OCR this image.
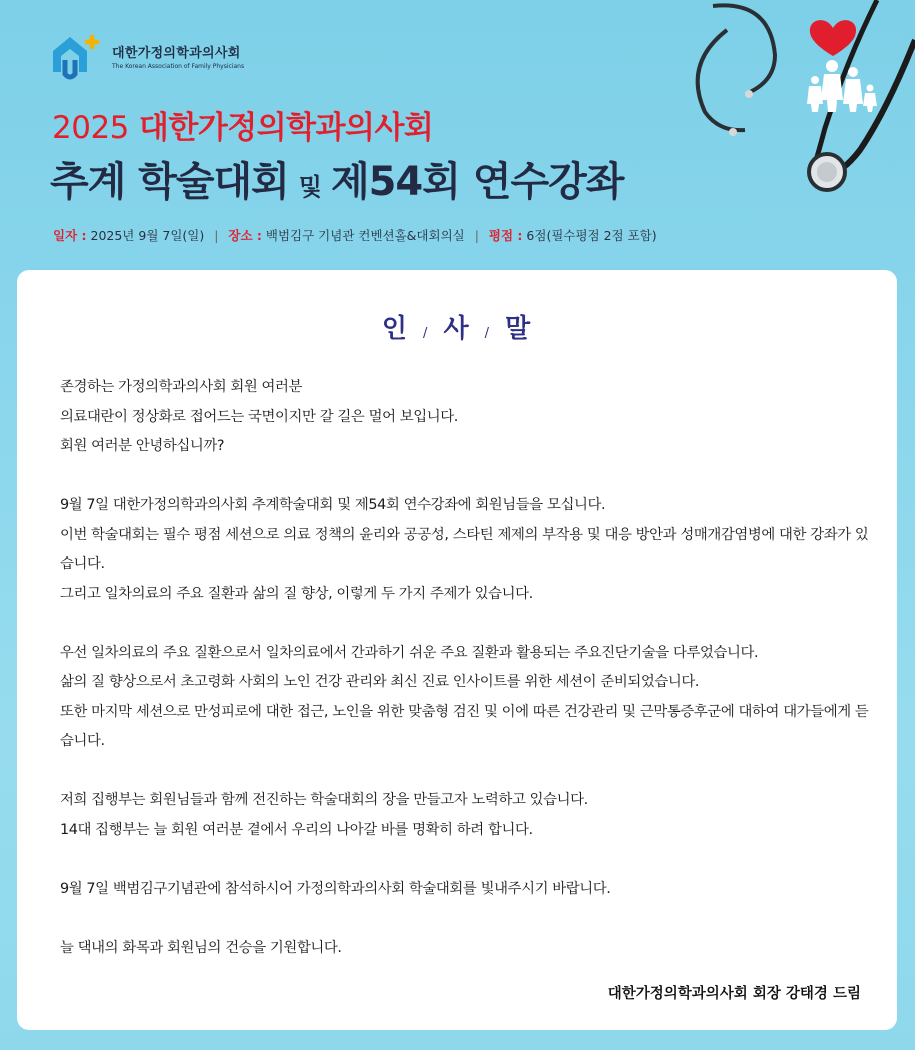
대한가정의학과의사회
The Korean Association of Family Physicians
2025 대한가정의학과의사회
추계 학술대회 및 제54회 연수강좌
일자 : 2025년 9월 7일(일) | 장소 : 백범김구 기념관 컨벤션홀&대회의실 | 평점 : 6점(필수평점 2점 포함)
인 / 사 / 말

존경하는 가정의학과의사회 회원 여러분

의료대란이 정상화로 접어드는 국면이지만 갈 길은 멀어 보입니다.

회원 여러분 안녕하십니까?

9월 7일 대한가정의학과의사회 추계학술대회 및 제54회 연수강좌에 회원님들을 모십니다.

이번 학술대회는 필수 평점 세션으로 의료 정책의 윤리와 공공성, 스타틴 제제의 부작용 및 대응 방안과 성매개감염병에 대한 강좌가 있습니다.

그리고 일차의료의 주요 질환과 삶의 질 향상, 이렇게 두 가지 주제가 있습니다.

우선 일차의료의 주요 질환으로서 일차의료에서 간과하기 쉬운 주요 질환과 활용되는 주요진단기술을 다루었습니다.

삶의 질 향상으로서 초고령화 사회의 노인 건강 관리와 최신 진료 인사이트를 위한 세션이 준비되었습니다.

또한 마지막 세션으로 만성피로에 대한 접근, 노인을 위한 맞춤형 검진 및 이에 따른 건강관리 및 근막통증후군에 대하여 대가들에게 듣습니다.

저희 집행부는 회원님들과 함께 전진하는 학술대회의 장을 만들고자 노력하고 있습니다.

14대 집행부는 늘 회원 여러분 곁에서 우리의 나아갈 바를 명확히 하려 합니다.

9월 7일 백범김구기념관에 참석하시어 가정의학과의사회 학술대회를 빛내주시기 바랍니다.

늘 댁내의 화목과 회원님의 건승을 기원합니다.

대한가정의학과의사회 회장 강태경 드림
